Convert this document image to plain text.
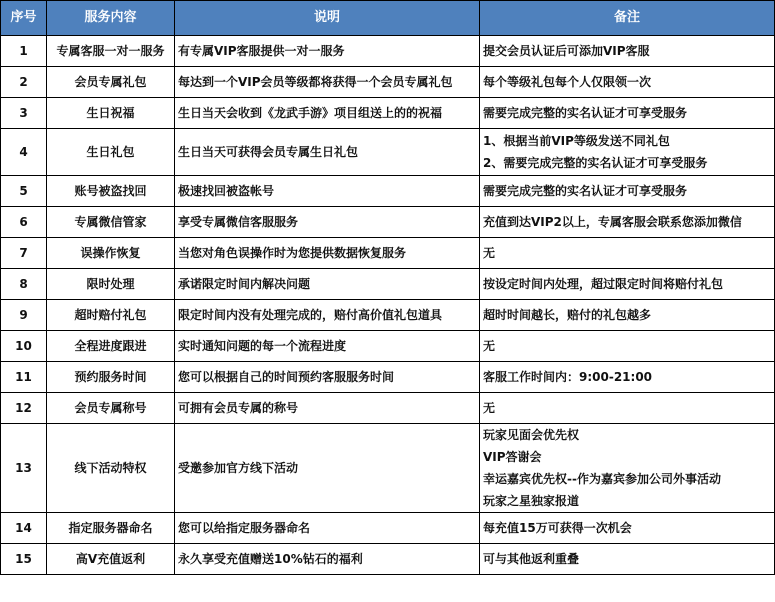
序号	服务内容	说明	备注
1	专属客服一对一服务	有专属VIP客服提供一对一服务	提交会员认证后可添加VIP客服
2	会员专属礼包	每达到一个VIP会员等级都将获得一个会员专属礼包	每个等级礼包每个人仅限领一次
3	生日祝福	生日当天会收到《龙武手游》项目组送上的的祝福	需要完成完整的实名认证才可享受服务
4	生日礼包	生日当天可获得会员专属生日礼包	1、根据当前VIP等级发送不同礼包
2、需要完成完整的实名认证才可享受服务

5	账号被盗找回	极速找回被盗帐号	需要完成完整的实名认证才可享受服务
6	专属微信管家	享受专属微信客服服务	充值到达VIP2以上，专属客服会联系您添加微信
7	误操作恢复	当您对角色误操作时为您提供数据恢复服务	无
8	限时处理	承诺限定时间内解决问题	按设定时间内处理，超过限定时间将赔付礼包
9	超时赔付礼包	限定时间内没有处理完成的，赔付高价值礼包道具	超时时间越长，赔付的礼包越多
10	全程进度跟进	实时通知问题的每一个流程进度	无
11	预约服务时间	您可以根据自己的时间预约客服服务时间	客服工作时间内：9:00-21:00
12	会员专属称号	可拥有会员专属的称号	无
13	线下活动特权	受邀参加官方线下活动	玩家见面会优先权
VIP答谢会
幸运嘉宾优先权--作为嘉宾参加公司外事活动
玩家之星独家报道

14	指定服务器命名	您可以给指定服务器命名	每充值15万可获得一次机会
15	高V充值返利	永久享受充值赠送10%钻石的福利	可与其他返利重叠
